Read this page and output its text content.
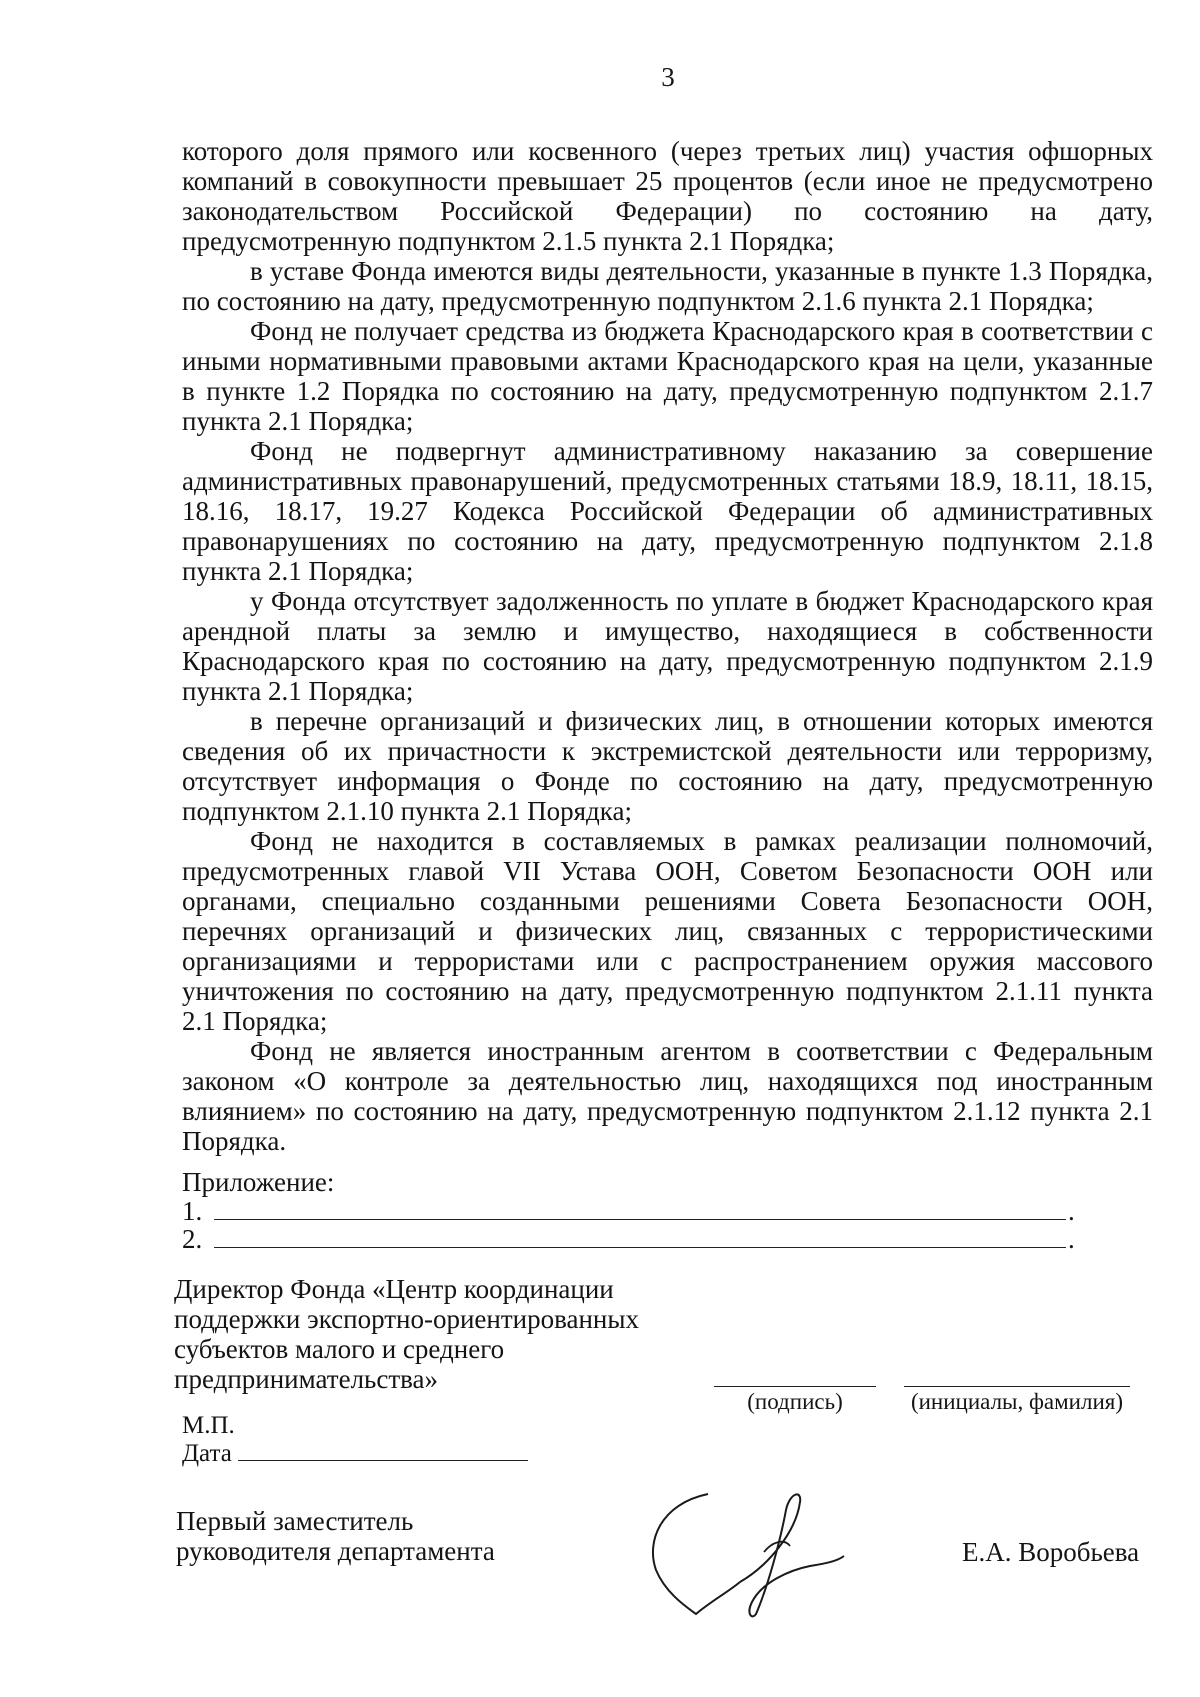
3

которого доля прямого или косвенного (через третьих лиц) участия офшорных компаний в совокупности превышает 25 процентов (если иное не предусмотрено законодательством Российской Федерации) по состоянию на дату, предусмотренную подпунктом 2.1.5 пункта 2.1 Порядка;

в уставе Фонда имеются виды деятельности, указанные в пункте 1.3 Порядка, по состоянию на дату, предусмотренную подпунктом 2.1.6 пункта 2.1 Порядка;

Фонд не получает средства из бюджета Краснодарского края в соответствии с иными нормативными правовыми актами Краснодарского края на цели, указанные в пункте 1.2 Порядка по состоянию на дату, предусмотренную подпунктом 2.1.7 пункта 2.1 Порядка;

Фонд не подвергнут административному наказанию за совершение административных правонарушений, предусмотренных статьями 18.9, 18.11, 18.15, 18.16, 18.17, 19.27 Кодекса Российской Федерации об административных правонарушениях по состоянию на дату, предусмотренную подпунктом 2.1.8 пункта 2.1 Порядка;

у Фонда отсутствует задолженность по уплате в бюджет Краснодарского края арендной платы за землю и имущество, находящиеся в собственности Краснодарского края по состоянию на дату, предусмотренную подпунктом 2.1.9 пункта 2.1 Порядка;

в перечне организаций и физических лиц, в отношении которых имеются сведения об их причастности к экстремистской деятельности или терроризму, отсутствует информация о Фонде по состоянию на дату, предусмотренную подпунктом 2.1.10 пункта 2.1 Порядка;

Фонд не находится в составляемых в рамках реализации полномочий, предусмотренных главой VII Устава ООН, Советом Безопасности ООН или органами, специально созданными решениями Совета Безопасности ООН, перечнях организаций и физических лиц, связанных с террористическими организациями и террористами или с распространением оружия массового уничтожения по состоянию на дату, предусмотренную подпунктом 2.1.11 пункта 2.1 Порядка;

Фонд не является иностранным агентом в соответствии с Федеральным законом «О контроле за деятельностью лиц, находящихся под иностранным влиянием» по состоянию на дату, предусмотренную подпунктом 2.1.12 пункта 2.1 Порядка.

Приложение:
1.	.
2.	.
Директор Фонда «Центр координации
поддержки экспортно-ориентированных
субъектов малого и среднего
предпринимательства»
(подпись)	(инициалы, фамилия)
М.П.
Дата
Первый заместитель
руководителя департамента	Е.А. Воробьева
